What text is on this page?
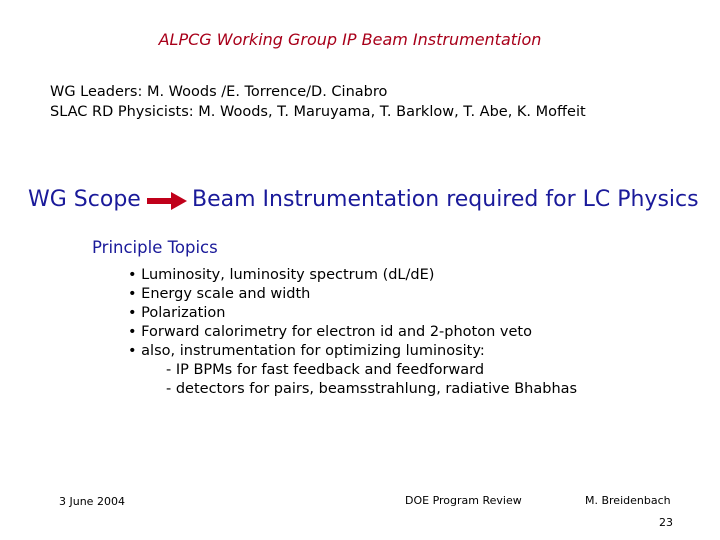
ALPCG Working Group IP Beam Instrumentation
WG Leaders: M. Woods /E. Torrence/D. Cinabro
SLAC RD Physicists: M. Woods, T. Maruyama, T. Barklow, T. Abe, K. Moffeit
WG Scope Beam Instrumentation required for LC Physics
Principle Topics
• Luminosity, luminosity spectrum (dL/dE)
• Energy scale and width
• Polarization
• Forward calorimetry for electron id and 2-photon veto
• also, instrumentation for optimizing luminosity:
- IP BPMs for fast feedback and feedforward
- detectors for pairs, beamsstrahlung, radiative Bhabhas
3 June 2004	DOE Program Review	M. Breidenbach
23
